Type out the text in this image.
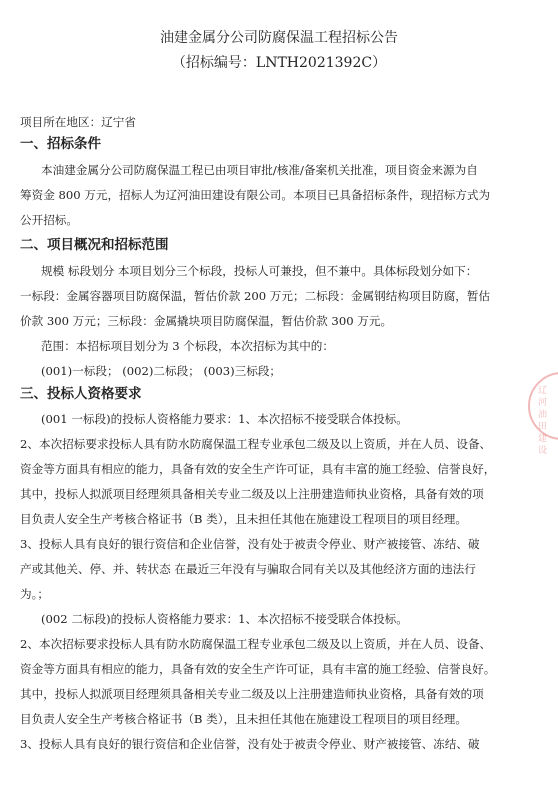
油建金属分公司防腐保温工程招标公告
（招标编号：LNTH2021392C）
项目所在地区：辽宁省
一、招标条件
本油建金属分公司防腐保温工程已由项目审批/核准/备案机关批准，项目资金来源为自
筹资金 800 万元，招标人为辽河油田建设有限公司。本项目已具备招标条件，现招标方式为
公开招标。
二、项目概况和招标范围
规模 标段划分 本项目划分三个标段，投标人可兼投，但不兼中。具体标段划分如下：
一标段：金属容器项目防腐保温，暂估价款 200 万元；二标段：金属钢结构项目防腐，暂估
价款 300 万元；三标段：金属撬块项目防腐保温，暂估价款 300 万元。
范围：本招标项目划分为 3 个标段，本次招标为其中的：
(001)一标段； (002)二标段； (003)三标段；
三、投标人资格要求
(001 一标段)的投标人资格能力要求：1、本次招标不接受联合体投标。
2、本次招标要求投标人具有防水防腐保温工程专业承包二级及以上资质，并在人员、设备、
资金等方面具有相应的能力，具备有效的安全生产许可证，具有丰富的施工经验、信誉良好，
其中，投标人拟派项目经理须具备相关专业二级及以上注册建造师执业资格，具备有效的项
目负责人安全生产考核合格证书（B 类），且未担任其他在施建设工程项目的项目经理。
3、投标人具有良好的银行资信和企业信誉，没有处于被责令停业、财产被接管、冻结、破
产或其他关、停、并、转状态 在最近三年没有与骗取合同有关以及其他经济方面的违法行
为。；
(002 二标段)的投标人资格能力要求：1、本次招标不接受联合体投标。
2、本次招标要求投标人具有防水防腐保温工程专业承包二级及以上资质，并在人员、设备、
资金等方面具有相应的能力，具备有效的安全生产许可证，具有丰富的施工经验、信誉良好。
其中，投标人拟派项目经理须具备相关专业二级及以上注册建造师执业资格，具备有效的项
目负责人安全生产考核合格证书（B 类），且未担任其他在施建设工程项目的项目经理。
3、投标人具有良好的银行资信和企业信誉，没有处于被责令停业、财产被接管、冻结、破
辽河油田建设
